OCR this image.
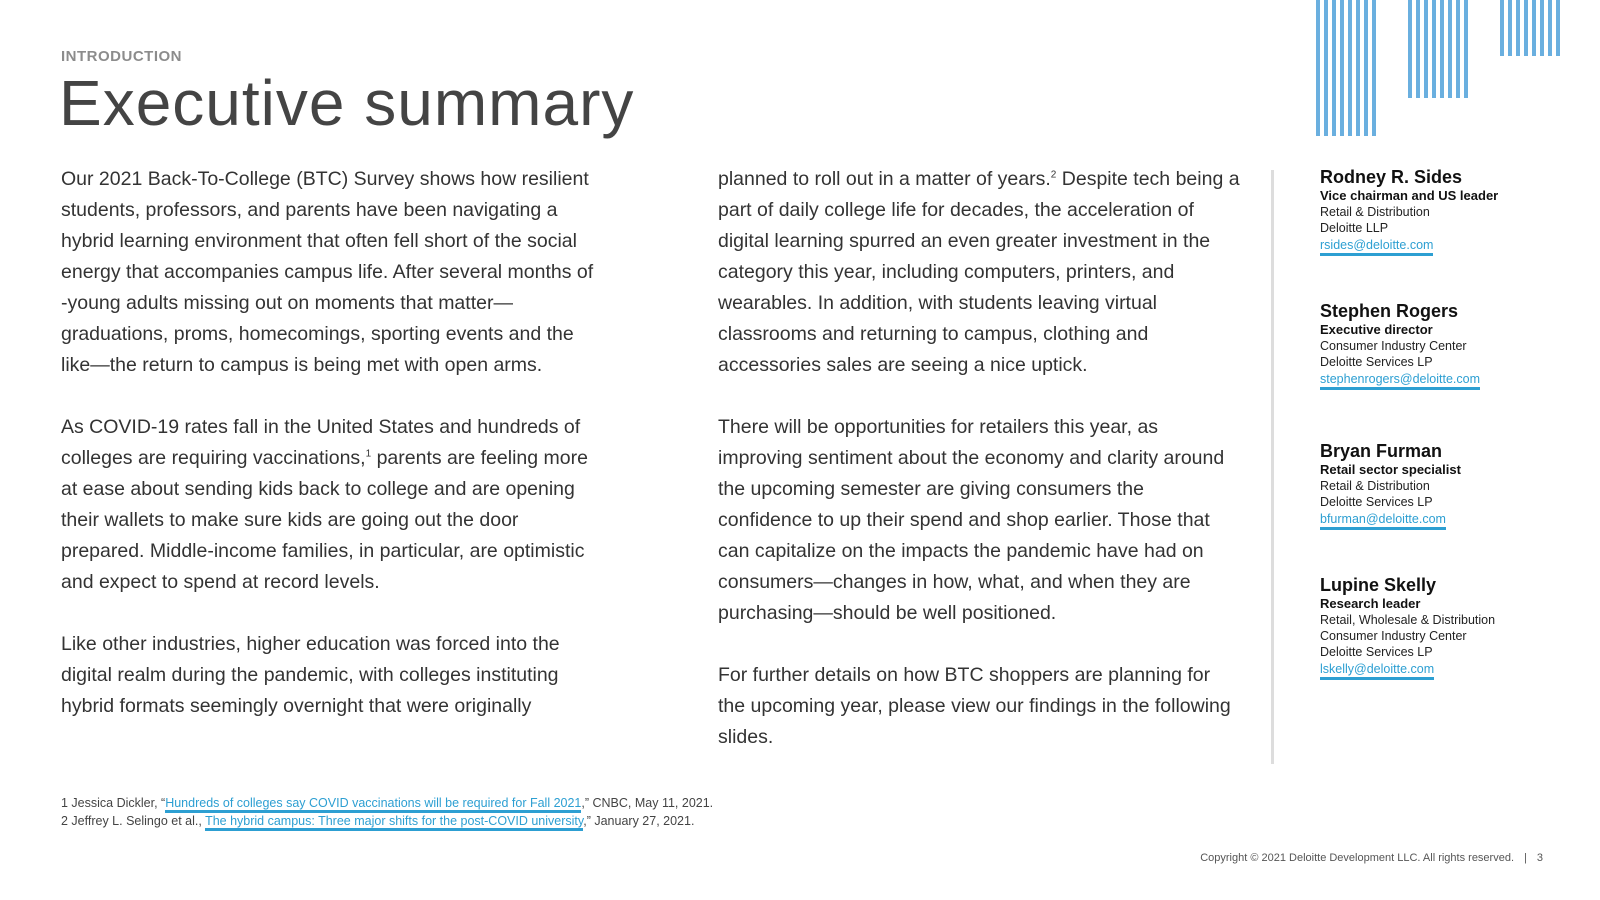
INTRODUCTION
Executive summary

Our 2021 Back-To-College (BTC) Survey shows how resilient students, professors, and parents have been navigating a hybrid learning environment that often fell short of the social energy that accompanies campus life. After several months of -young adults missing out on moments that matter—graduations, proms, homecomings, sporting events and the like—the return to campus is being met with open arms.

As COVID-19 rates fall in the United States and hundreds of colleges are requiring vaccinations,$^1$ parents are feeling more at ease about sending kids back to college and are opening their wallets to make sure kids are going out the door prepared. Middle-income families, in particular, are optimistic and expect to spend at record levels.

Like other industries, higher education was forced into the digital realm during the pandemic, with colleges instituting hybrid formats seemingly overnight that were originally

planned to roll out in a matter of years.$^2$ Despite tech being a part of daily college life for decades, the acceleration of digital learning spurred an even greater investment in the category this year, including computers, printers, and wearables. In addition, with students leaving virtual classrooms and returning to campus, clothing and accessories sales are seeing a nice uptick.

There will be opportunities for retailers this year, as improving sentiment about the economy and clarity around the upcoming semester are giving consumers the confidence to up their spend and shop earlier. Those that can capitalize on the impacts the pandemic have had on consumers—changes in how, what, and when they are purchasing—should be well positioned.

For further details on how BTC shoppers are planning for the upcoming year, please view our findings in the following slides.

Rodney R. Sides
Vice chairman and US leader
Retail & Distribution
Deloitte LLP
rsides@deloitte.com
Stephen Rogers
Executive director
Consumer Industry Center
Deloitte Services LP
stephenrogers@deloitte.com
Bryan Furman
Retail sector specialist
Retail & Distribution
Deloitte Services LP
bfurman@deloitte.com
Lupine Skelly
Research leader
Retail, Wholesale & Distribution
Consumer Industry Center
Deloitte Services LP
lskelly@deloitte.com
1 Jessica Dickler, “Hundreds of colleges say COVID vaccinations will be required for Fall 2021,” CNBC, May 11, 2021.
2 Jeffrey L. Selingo et al., The hybrid campus: Three major shifts for the post-COVID university,” January 27, 2021.
Copyright © 2021 Deloitte Development LLC. All rights reserved. | 3
